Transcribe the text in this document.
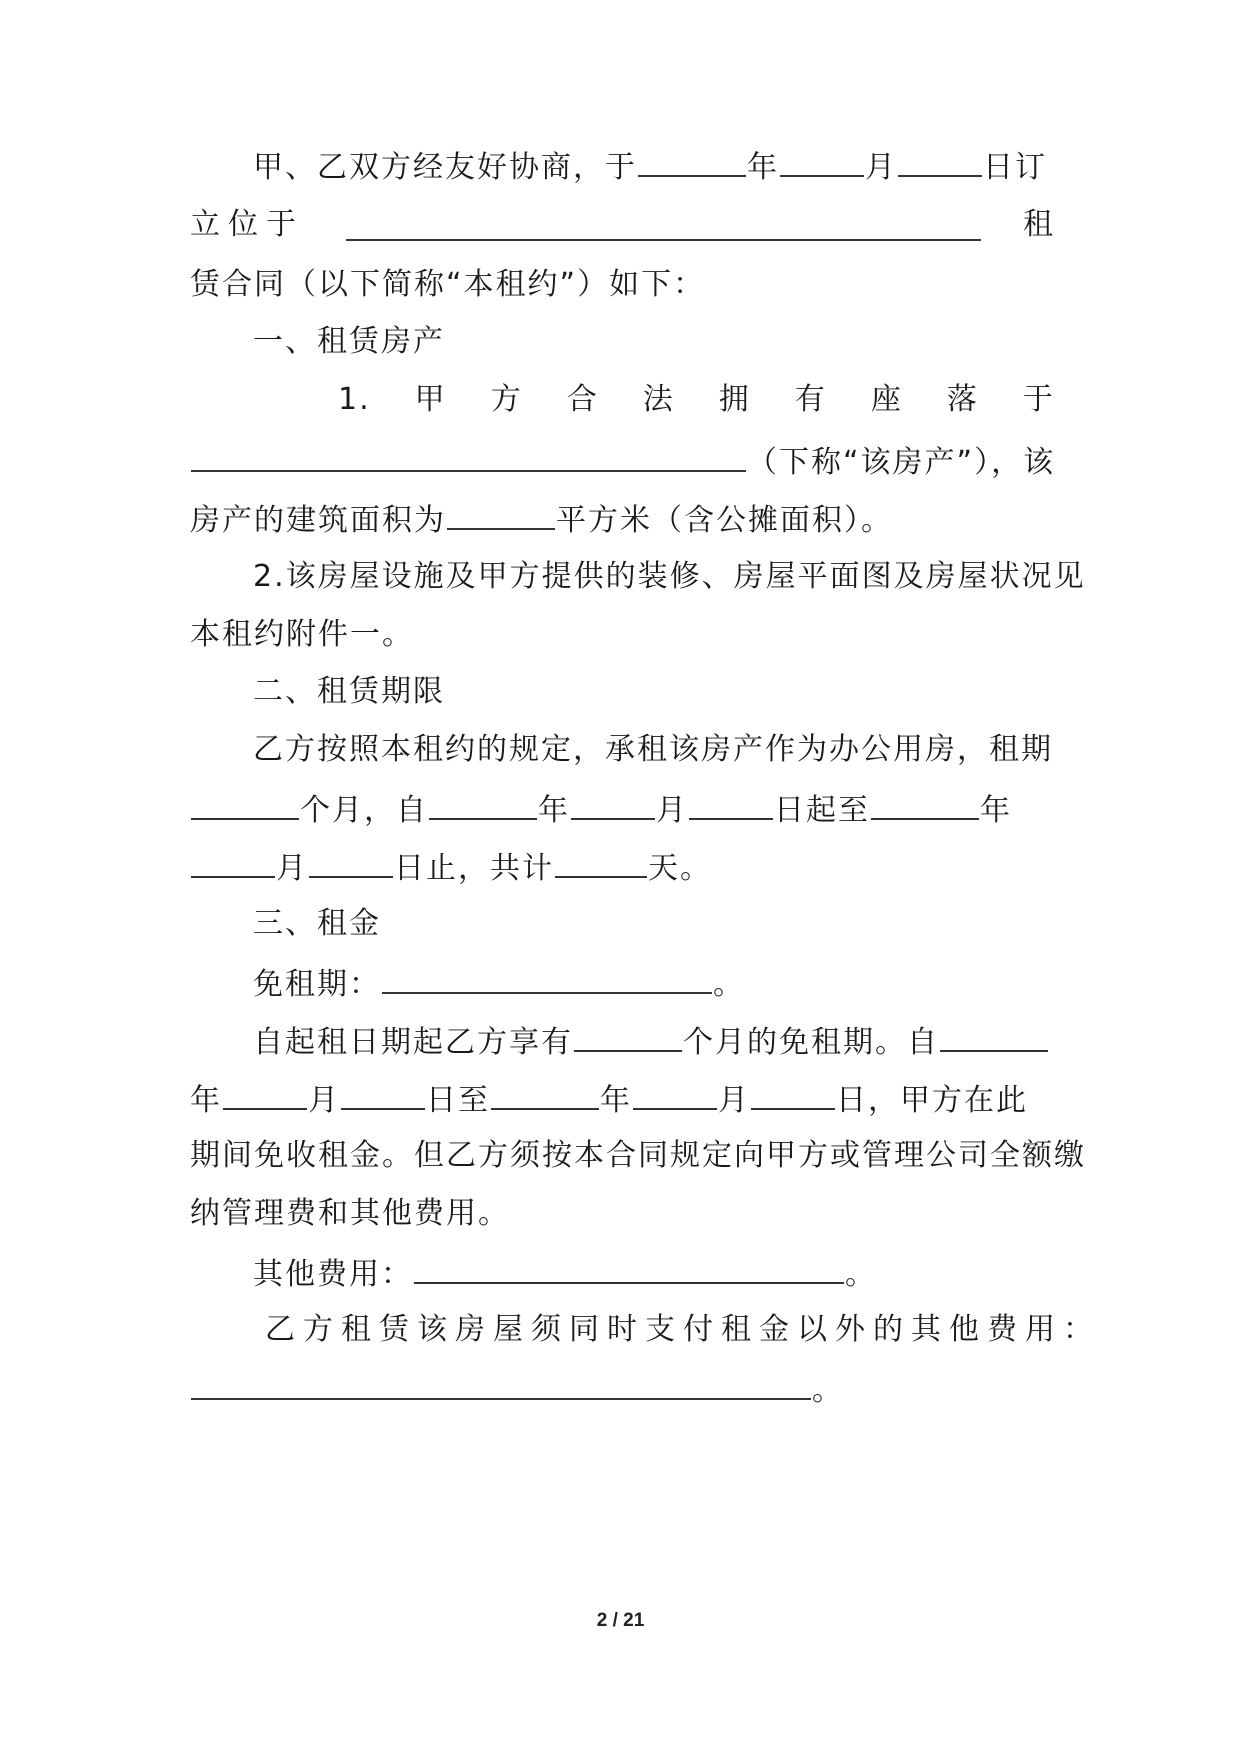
甲、乙双方经友好协商，于	年	月	日订
立位于	租
赁合同（以下简称“本租约”）如下：
一、租赁房产
1. 甲 方 合 法 拥 有 座 落 于
（下称“该房产”），该
房产的建筑面积为	平方米（含公摊面积）。
2.该房屋设施及甲方提供的装修、房屋平面图及房屋状况见
本租约附件一。
二、租赁期限
乙方按照本租约的规定，承租该房产作为办公用房，租期
个月，自	年	月	日起至	年
月	日止，共计	天。
三、租金
免租期：	。
自起租日期起乙方享有	个月的免租期。自
年	月	日至	年	月	日，甲方在此
期间免收租金。但乙方须按本合同规定向甲方或管理公司全额缴
纳管理费和其他费用。
其他费用：	。
乙方租赁该房屋须同时支付租金以外的其他费用：
。
2 / 21
